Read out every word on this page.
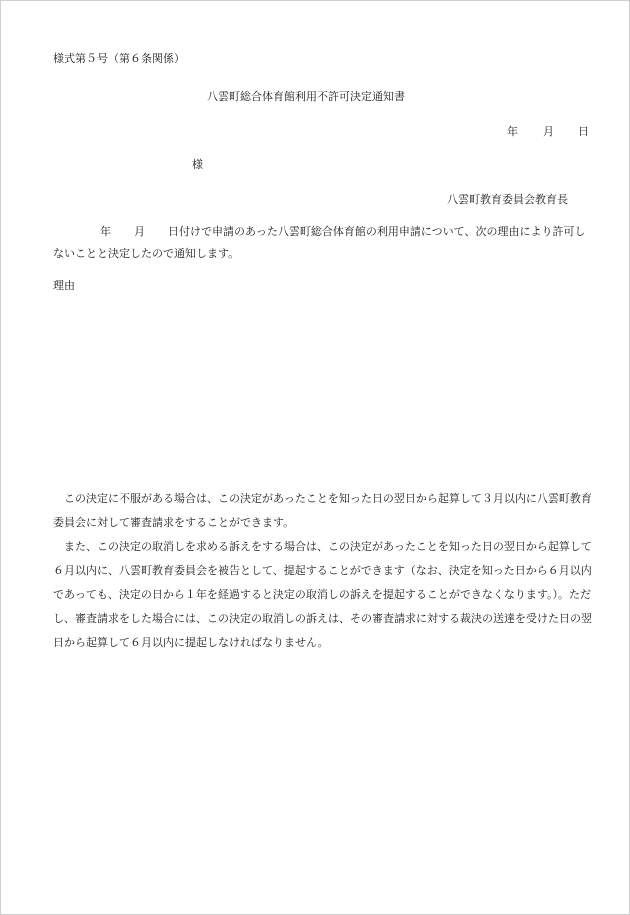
様式第５号（第６条関係）
八雲町総合体育館利用不許可決定通知書
年 月 日
様
八雲町教育委員会教育長
年 月 日付けで申請のあった八雲町総合体育館の利用申請について、次の理由により許可しないことと決定したので通知します。
理由

この決定に不服がある場合は、この決定があったことを知った日の翌日から起算して３月以内に八雲町教育委員会に対して審査請求をすることができます。

また、この決定の取消しを求める訴えをする場合は、この決定があったことを知った日の翌日から起算して６月以内に、八雲町教育委員会を被告として、提起することができます（なお、決定を知った日から６月以内であっても、決定の日から１年を経過すると決定の取消しの訴えを提起することができなくなります。）。ただし、審査請求をした場合には、この決定の取消しの訴えは、その審査請求に対する裁決の送達を受けた日の翌日から起算して６月以内に提起しなければなりません。
